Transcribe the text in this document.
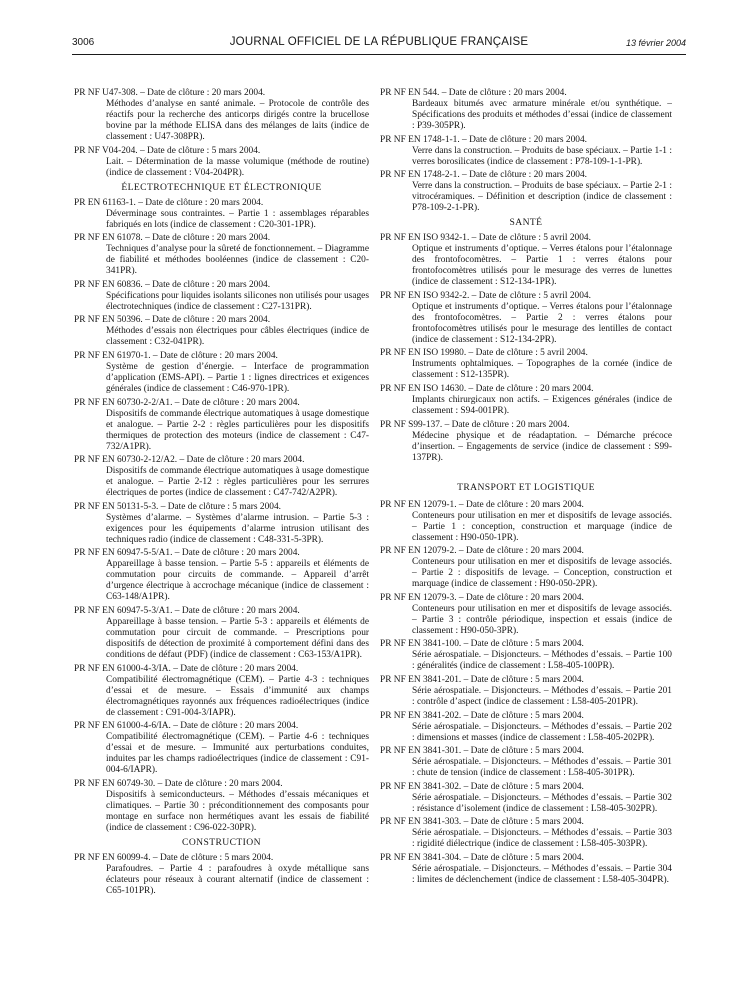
3006	JOURNAL OFFICIEL DE LA RÉPUBLIQUE FRANÇAISE	13 février 2004
PR NF U47-308. – Date de clôture : 20 mars 2004.
Méthodes d’analyse en santé animale. – Protocole de contrôle des réactifs pour la recherche des anticorps dirigés contre la brucellose bovine par la méthode ELISA dans des mélanges de laits (indice de classement : U47-308PR).
PR NF V04-204. – Date de clôture : 5 mars 2004.
Lait. – Détermination de la masse volumique (méthode de routine) (indice de classement : V04-204PR).
ÉLECTROTECHNIQUE ET ÉLECTRONIQUE
PR EN 61163-1. – Date de clôture : 20 mars 2004.
Déverminage sous contraintes. – Partie 1 : assemblages réparables fabriqués en lots (indice de classement : C20-301-1PR).
PR NF EN 61078. – Date de clôture : 20 mars 2004.
Techniques d’analyse pour la sûreté de fonctionnement. – Diagramme de fiabilité et méthodes booléennes (indice de classement : C20-341PR).
PR NF EN 60836. – Date de clôture : 20 mars 2004.
Spécifications pour liquides isolants silicones non utilisés pour usages électrotechniques (indice de classement : C27-131PR).
PR NF EN 50396. – Date de clôture : 20 mars 2004.
Méthodes d’essais non électriques pour câbles électriques (indice de classement : C32-041PR).
PR NF EN 61970-1. – Date de clôture : 20 mars 2004.
Système de gestion d’énergie. – Interface de programmation d’application (EMS-API). – Partie 1 : lignes directrices et exigences générales (indice de classement : C46-970-1PR).
PR NF EN 60730-2-2/A1. – Date de clôture : 20 mars 2004.
Dispositifs de commande électrique automatiques à usage domestique et analogue. – Partie 2-2 : règles particulières pour les dispositifs thermiques de protection des moteurs (indice de classement : C47-732/A1PR).
PR NF EN 60730-2-12/A2. – Date de clôture : 20 mars 2004.
Dispositifs de commande électrique automatiques à usage domestique et analogue. – Partie 2-12 : règles particulières pour les serrures électriques de portes (indice de classement : C47-742/A2PR).
PR NF EN 50131-5-3. – Date de clôture : 5 mars 2004.
Systèmes d’alarme. – Systèmes d’alarme intrusion. – Partie 5-3 : exigences pour les équipements d’alarme intrusion utilisant des techniques radio (indice de classement : C48-331-5-3PR).
PR NF EN 60947-5-5/A1. – Date de clôture : 20 mars 2004.
Appareillage à basse tension. – Partie 5-5 : appareils et éléments de commutation pour circuits de commande. – Appareil d’arrêt d’urgence électrique à accrochage mécanique (indice de classement : C63-148/A1PR).
PR NF EN 60947-5-3/A1. – Date de clôture : 20 mars 2004.
Appareillage à basse tension. – Partie 5-3 : appareils et éléments de commutation pour circuit de commande. – Prescriptions pour dispositifs de détection de proximité à comportement défini dans des conditions de défaut (PDF) (indice de classement : C63-153/A1PR).
PR NF EN 61000-4-3/IA. – Date de clôture : 20 mars 2004.
Compatibilité électromagnétique (CEM). – Partie 4-3 : techniques d’essai et de mesure. – Essais d’immunité aux champs électromagnétiques rayonnés aux fréquences radioélectriques (indice de classement : C91-004-3/IAPR).
PR NF EN 61000-4-6/IA. – Date de clôture : 20 mars 2004.
Compatibilité électromagnétique (CEM). – Partie 4-6 : techniques d’essai et de mesure. – Immunité aux perturbations conduites, induites par les champs radioélectriques (indice de classement : C91-004-6/IAPR).
PR NF EN 60749-30. – Date de clôture : 20 mars 2004.
Dispositifs à semiconducteurs. – Méthodes d’essais mécaniques et climatiques. – Partie 30 : préconditionnement des composants pour montage en surface non hermétiques avant les essais de fiabilité (indice de classement : C96-022-30PR).
CONSTRUCTION
PR NF EN 60099-4. – Date de clôture : 5 mars 2004.
Parafoudres. – Partie 4 : parafoudres à oxyde métallique sans éclateurs pour réseaux à courant alternatif (indice de classement : C65-101PR).
PR NF EN 544. – Date de clôture : 20 mars 2004.
Bardeaux bitumés avec armature minérale et/ou synthétique. – Spécifications des produits et méthodes d’essai (indice de classement : P39-305PR).
PR NF EN 1748-1-1. – Date de clôture : 20 mars 2004.
Verre dans la construction. – Produits de base spéciaux. – Partie 1-1 : verres borosilicates (indice de classement : P78-109-1-1-PR).
PR NF EN 1748-2-1. – Date de clôture : 20 mars 2004.
Verre dans la construction. – Produits de base spéciaux. – Partie 2-1 : vitrocéramiques. – Définition et description (indice de classement : P78-109-2-1-PR).
SANTÉ
PR NF EN ISO 9342-1. – Date de clôture : 5 avril 2004.
Optique et instruments d’optique. – Verres étalons pour l’étalonnage des frontofocomètres. – Partie 1 : verres étalons pour frontofocomètres utilisés pour le mesurage des verres de lunettes (indice de classement : S12-134-1PR).
PR NF EN ISO 9342-2. – Date de clôture : 5 avril 2004.
Optique et instruments d’optique. – Verres étalons pour l’étalonnage des frontofocomètres. – Partie 2 : verres étalons pour frontofocomètres utilisés pour le mesurage des lentilles de contact (indice de classement : S12-134-2PR).
PR NF EN ISO 19980. – Date de clôture : 5 avril 2004.
Instruments ophtalmiques. – Topographes de la cornée (indice de classement : S12-135PR).
PR NF EN ISO 14630. – Date de clôture : 20 mars 2004.
Implants chirurgicaux non actifs. – Exigences générales (indice de classement : S94-001PR).
PR NF S99-137. – Date de clôture : 20 mars 2004.
Médecine physique et de réadaptation. – Démarche précoce d’insertion. – Engagements de service (indice de classement : S99-137PR).
TRANSPORT ET LOGISTIQUE
PR NF EN 12079-1. – Date de clôture : 20 mars 2004.
Conteneurs pour utilisation en mer et dispositifs de levage associés. – Partie 1 : conception, construction et marquage (indice de classement : H90-050-1PR).
PR NF EN 12079-2. – Date de clôture : 20 mars 2004.
Conteneurs pour utilisation en mer et dispositifs de levage associés. – Partie 2 : dispositifs de levage. – Conception, construction et marquage (indice de classement : H90-050-2PR).
PR NF EN 12079-3. – Date de clôture : 20 mars 2004.
Conteneurs pour utilisation en mer et dispositifs de levage associés. – Partie 3 : contrôle périodique, inspection et essais (indice de classement : H90-050-3PR).
PR NF EN 3841-100. – Date de clôture : 5 mars 2004.
Série aérospatiale. – Disjoncteurs. – Méthodes d’essais. – Partie 100 : généralités (indice de classement : L58-405-100PR).
PR NF EN 3841-201. – Date de clôture : 5 mars 2004.
Série aérospatiale. – Disjoncteurs. – Méthodes d’essais. – Partie 201 : contrôle d’aspect (indice de classement : L58-405-201PR).
PR NF EN 3841-202. – Date de clôture : 5 mars 2004.
Série aérospatiale. – Disjoncteurs. – Méthodes d’essais. – Partie 202 : dimensions et masses (indice de classement : L58-405-202PR).
PR NF EN 3841-301. – Date de clôture : 5 mars 2004.
Série aérospatiale. – Disjoncteurs. – Méthodes d’essais. – Partie 301 : chute de tension (indice de classement : L58-405-301PR).
PR NF EN 3841-302. – Date de clôture : 5 mars 2004.
Série aérospatiale. – Disjoncteurs. – Méthodes d’essais. – Partie 302 : résistance d’isolement (indice de classement : L58-405-302PR).
PR NF EN 3841-303. – Date de clôture : 5 mars 2004.
Série aérospatiale. – Disjoncteurs. – Méthodes d’essais. – Partie 303 : rigidité diélectrique (indice de classement : L58-405-303PR).
PR NF EN 3841-304. – Date de clôture : 5 mars 2004.
Série aérospatiale. – Disjoncteurs. – Méthodes d’essais. – Partie 304 : limites de déclenchement (indice de classement : L58-405-304PR).
